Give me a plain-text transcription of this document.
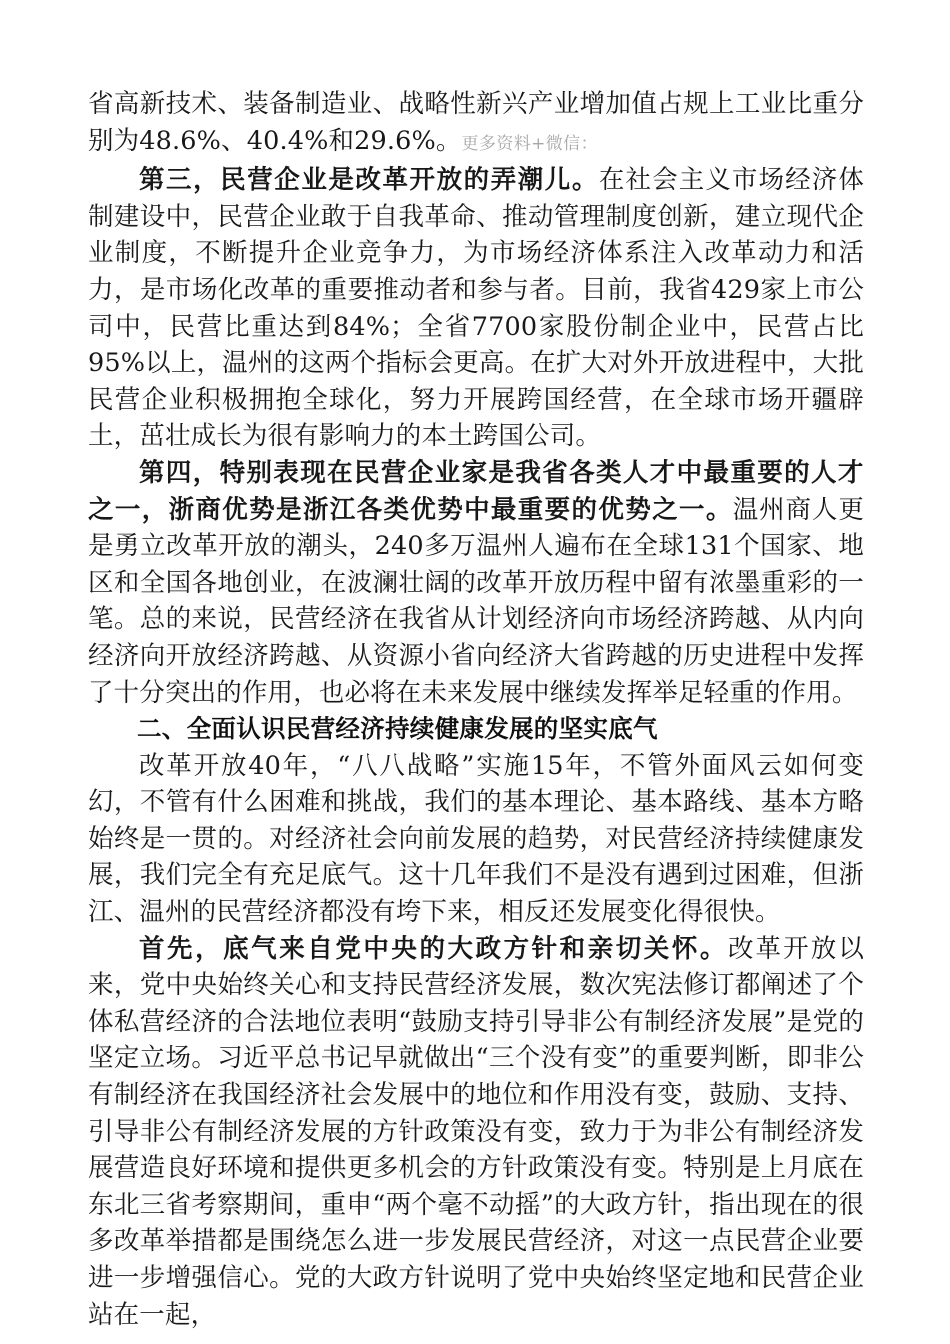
省高新技术、装备制造业、战略性新兴产业增加值占规上工业比重分别为48.6%、40.4%和29.6%。更多资料+微信：

第三，民营企业是改革开放的弄潮儿。在社会主义市场经济体制建设中，民营企业敢于自我革命、推动管理制度创新，建立现代企业制度，不断提升企业竞争力，为市场经济体系注入改革动力和活力，是市场化改革的重要推动者和参与者。目前，我省429家上市公司中，民营比重达到84%；全省7700家股份制企业中，民营占比95%以上，温州的这两个指标会更高。在扩大对外开放进程中，大批民营企业积极拥抱全球化，努力开展跨国经营，在全球市场开疆辟土，茁壮成长为很有影响力的本土跨国公司。

第四，特别表现在民营企业家是我省各类人才中最重要的人才之一，浙商优势是浙江各类优势中最重要的优势之一。温州商人更是勇立改革开放的潮头，240多万温州人遍布在全球131个国家、地区和全国各地创业，在波澜壮阔的改革开放历程中留有浓墨重彩的一笔。总的来说，民营经济在我省从计划经济向市场经济跨越、从内向经济向开放经济跨越、从资源小省向经济大省跨越的历史进程中发挥了十分突出的作用，也必将在未来发展中继续发挥举足轻重的作用。

二、全面认识民营经济持续健康发展的坚实底气

改革开放40年，“八八战略”实施15年，不管外面风云如何变幻，不管有什么困难和挑战，我们的基本理论、基本路线、基本方略始终是一贯的。对经济社会向前发展的趋势，对民营经济持续健康发展，我们完全有充足底气。这十几年我们不是没有遇到过困难，但浙江、温州的民营经济都没有垮下来，相反还发展变化得很快。

首先，底气来自党中央的大政方针和亲切关怀。改革开放以来，党中央始终关心和支持民营经济发展，数次宪法修订都阐述了个体私营经济的合法地位表明“鼓励支持引导非公有制经济发展”是党的坚定立场。习近平总书记早就做出“三个没有变”的重要判断，即非公有制经济在我国经济社会发展中的地位和作用没有变，鼓励、支持、引导非公有制经济发展的方针政策没有变，致力于为非公有制经济发展营造良好环境和提供更多机会的方针政策没有变。特别是上月底在东北三省考察期间，重申“两个毫不动摇”的大政方针，指出现在的很多改革举措都是围绕怎么进一步发展民营经济，对这一点民营企业要进一步增强信心。党的大政方针说明了党中央始终坚定地和民营企业站在一起，
